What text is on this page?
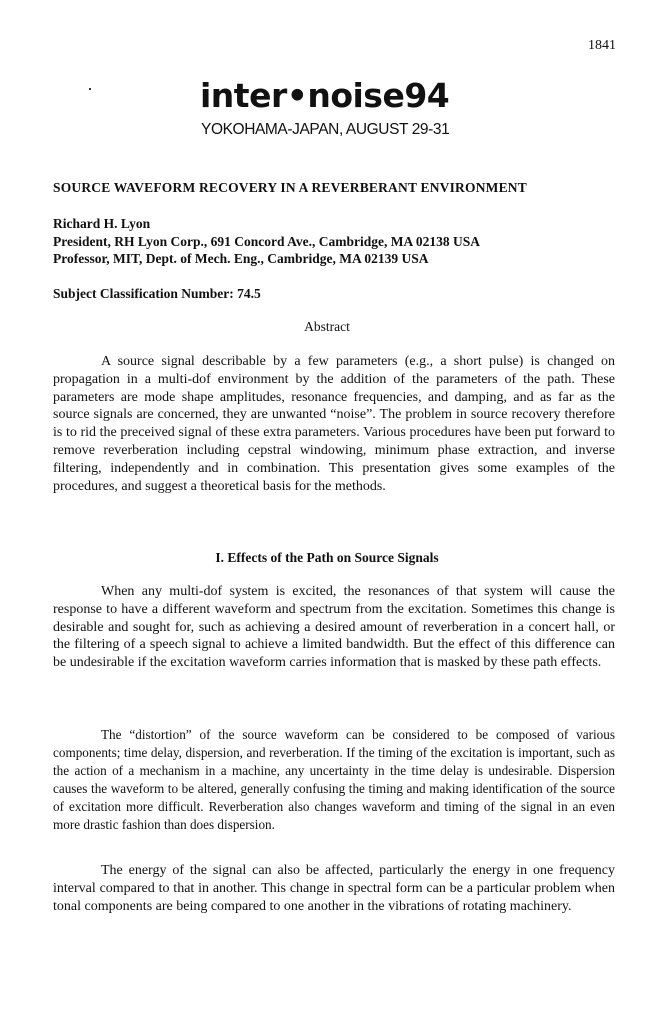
1841
inter•noise94
YOKOHAMA-JAPAN, AUGUST 29-31
SOURCE WAVEFORM RECOVERY IN A REVERBERANT ENVIRONMENT
Richard H. Lyon
President, RH Lyon Corp., 691 Concord Ave., Cambridge, MA 02138 USA
Professor, MIT, Dept. of Mech. Eng., Cambridge, MA 02139 USA
Subject Classification Number: 74.5
Abstract
A source signal describable by a few parameters (e.g., a short pulse) is changed on propagation in a multi-dof environment by the addition of the parameters of the path. These parameters are mode shape amplitudes, resonance frequencies, and damping, and as far as the source signals are concerned, they are unwanted “noise”. The problem in source recovery therefore is to rid the preceived signal of these extra parameters. Various procedures have been put forward to remove reverberation including cepstral windowing, minimum phase extraction, and inverse filtering, independently and in combination. This presentation gives some examples of the procedures, and suggest a theoretical basis for the methods.
I. Effects of the Path on Source Signals
When any multi-dof system is excited, the resonances of that system will cause the response to have a different waveform and spectrum from the excitation. Sometimes this change is desirable and sought for, such as achieving a desired amount of reverberation in a concert hall, or the filtering of a speech signal to achieve a limited bandwidth. But the effect of this difference can be undesirable if the excitation waveform carries information that is masked by these path effects.
The “distortion” of the source waveform can be considered to be composed of various components; time delay, dispersion, and reverberation. If the timing of the excitation is important, such as the action of a mechanism in a machine, any uncertainty in the time delay is undesirable. Dispersion causes the waveform to be altered, generally confusing the timing and making identification of the source of excitation more difficult. Reverberation also changes waveform and timing of the signal in an even more drastic fashion than does dispersion.
The energy of the signal can also be affected, particularly the energy in one frequency interval compared to that in another. This change in spectral form can be a particular problem when tonal components are being compared to one another in the vibrations of rotating machinery.
